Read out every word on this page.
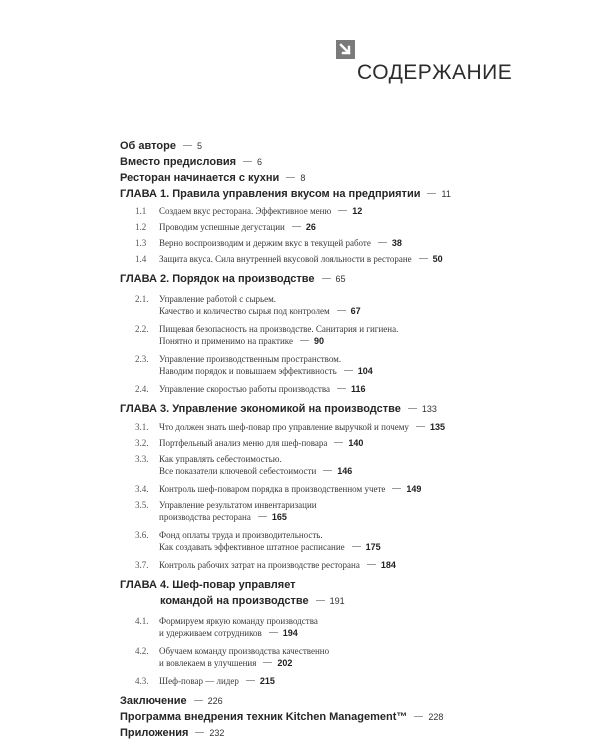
СОДЕРЖАНИЕ
Об авторе 5
Вместо предисловия 6
Ресторан начинается с кухни 8
ГЛАВА 1. Правила управления вкусом на предприятии 11
1.1	Создаем вкус ресторана. Эффективное меню 12
1.2	Проводим успешные дегустации 26
1.3	Верно воспроизводим и держим вкус в текущей работе 38
1.4	Защита вкуса. Сила внутренней вкусовой лояльности в ресторане 50
ГЛАВА 2. Порядок на производстве 65
2.1.	Управление работой с сырьем.
Качество и количество сырья под контролем 67
2.2.	Пищевая безопасность на производстве. Санитария и гигиена.
Понятно и применимо на практике 90
2.3.	Управление производственным пространством.
Наводим порядок и повышаем эффективность 104
2.4.	Управление скоростью работы производства 116
ГЛАВА 3. Управление экономикой на производстве 133
3.1.	Что должен знать шеф-повар про управление выручкой и почему 135
3.2.	Портфельный анализ меню для шеф-повара 140
3.3.	Как управлять себестоимостью.
Все показатели ключевой себестоимости 146
3.4.	Контроль шеф-поваром порядка в производственном учете 149
3.5.	Управление результатом инвентаризации
производства ресторана 165
3.6.	Фонд оплаты труда и производительность.
Как создавать эффективное штатное расписание 175
3.7.	Контроль рабочих затрат на производстве ресторана 184
ГЛАВА 4. Шеф-повар управляет
командой на производстве 191
4.1.	Формируем яркую команду производства
и удерживаем сотрудников 194
4.2.	Обучаем команду производства качественно
и вовлекаем в улучшения 202
4.3.	Шеф-повар — лидер 215
Заключение 226
Программа внедрения техник Kitchen Management™ 228
Приложения 232
